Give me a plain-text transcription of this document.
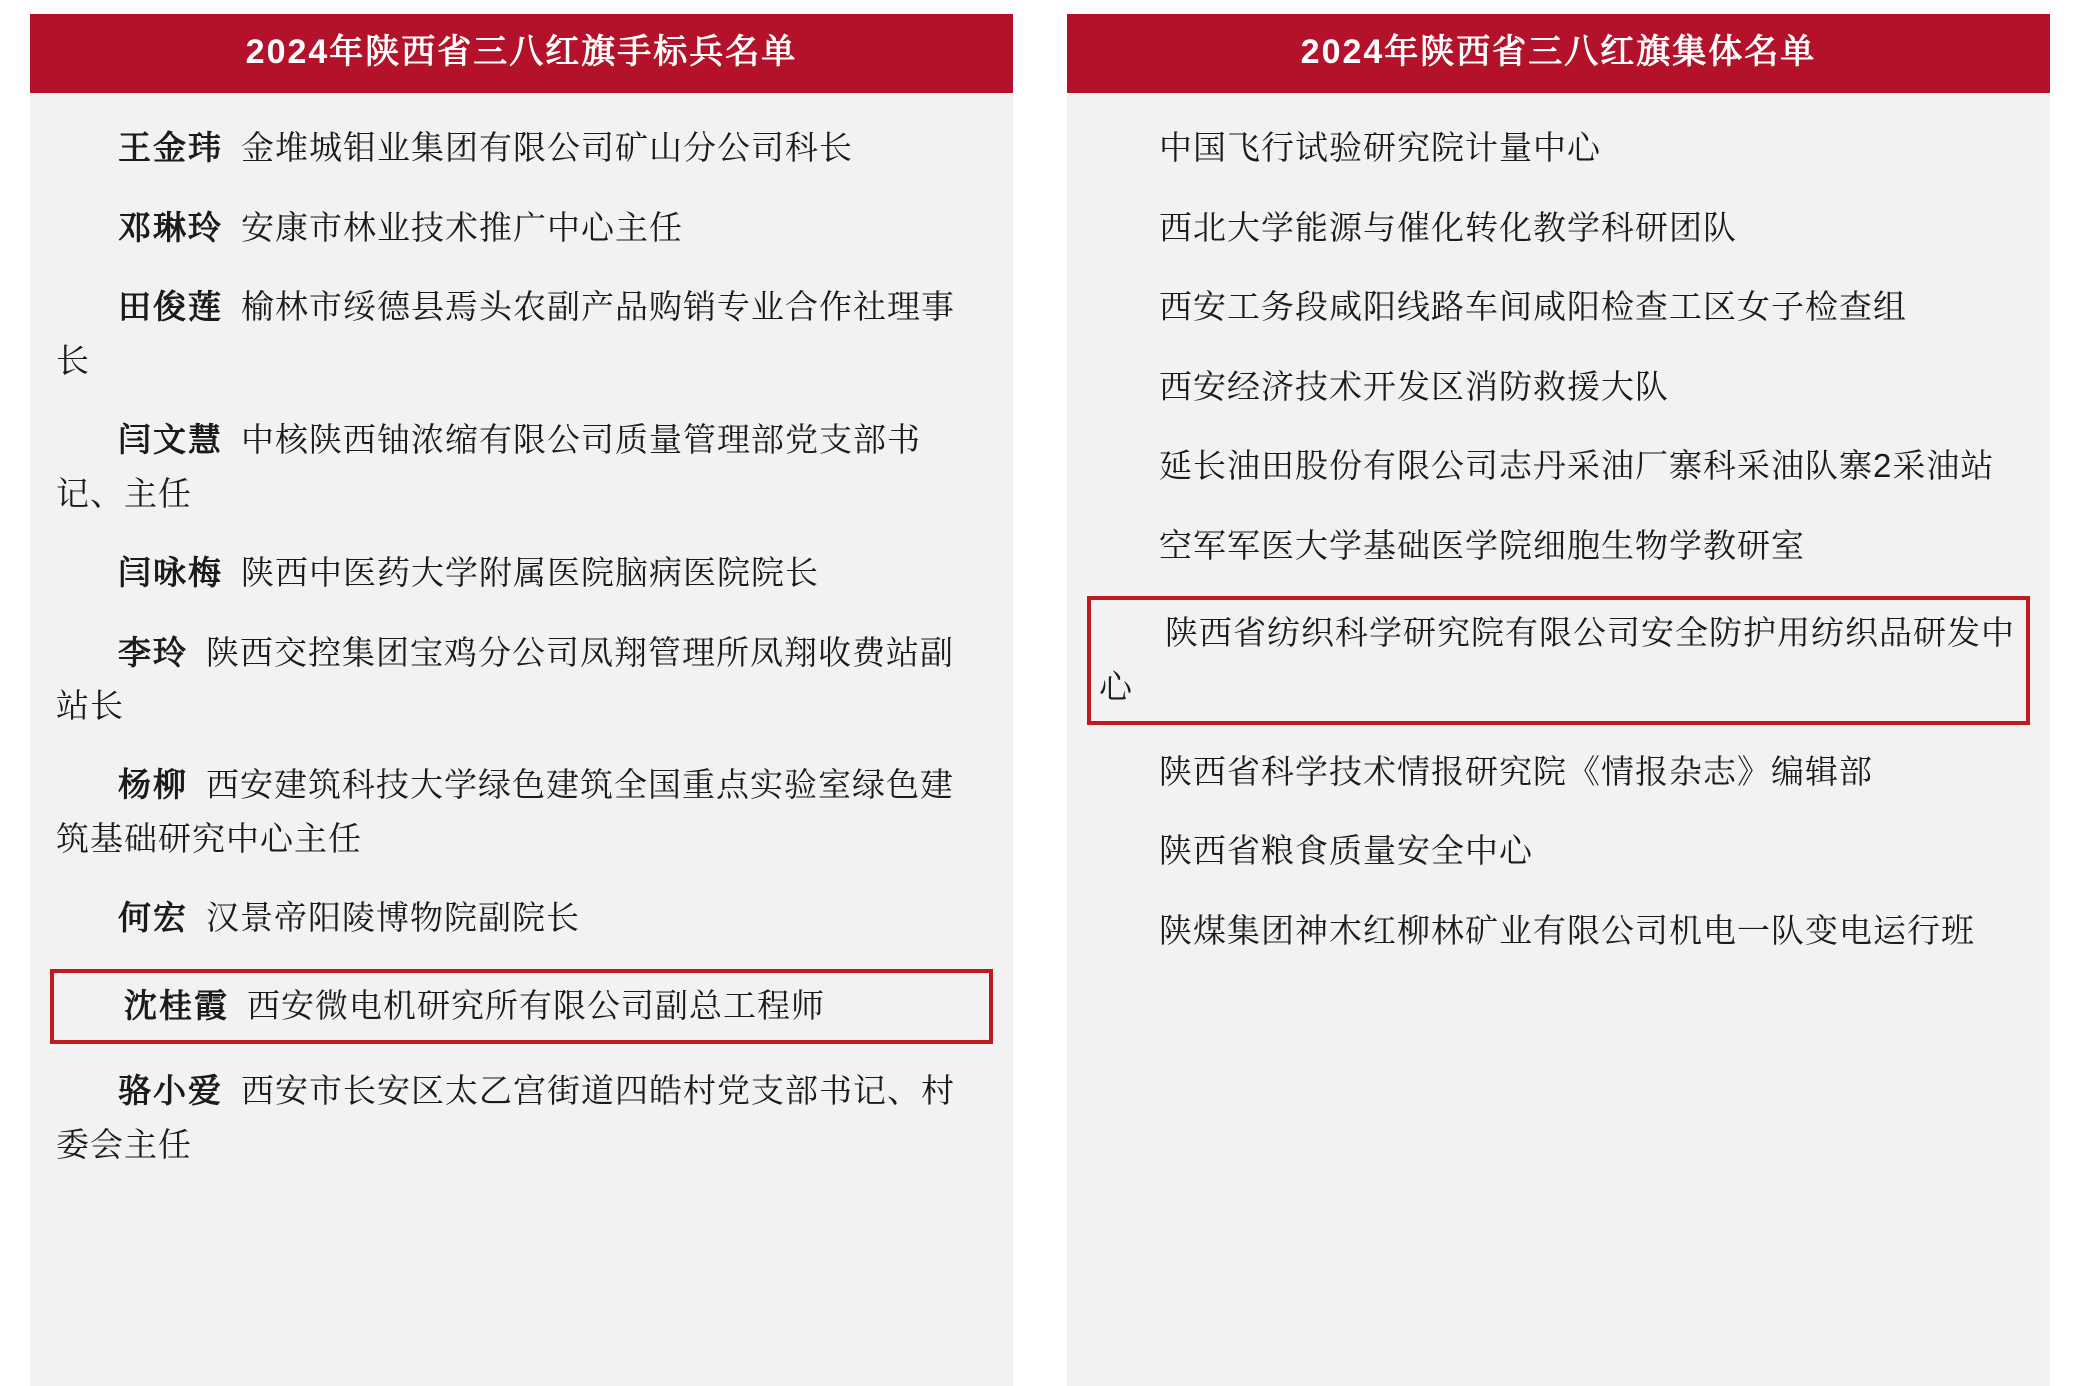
2024年陕西省三八红旗手标兵名单
王金玮 金堆城钼业集团有限公司矿山分公司科长
邓琳玲 安康市林业技术推广中心主任
田俊莲 榆林市绥德县焉头农副产品购销专业合作社理事长
闫文慧 中核陕西铀浓缩有限公司质量管理部党支部书记、主任
闫咏梅 陕西中医药大学附属医院脑病医院院长
李玲 陕西交控集团宝鸡分公司凤翔管理所凤翔收费站副站长
杨柳 西安建筑科技大学绿色建筑全国重点实验室绿色建筑基础研究中心主任
何宏 汉景帝阳陵博物院副院长
沈桂霞 西安微电机研究所有限公司副总工程师
骆小爱 西安市长安区太乙宫街道四皓村党支部书记、村委会主任
2024年陕西省三八红旗集体名单
中国飞行试验研究院计量中心
西北大学能源与催化转化教学科研团队
西安工务段咸阳线路车间咸阳检查工区女子检查组
西安经济技术开发区消防救援大队
延长油田股份有限公司志丹采油厂寨科采油队寨2采油站
空军军医大学基础医学院细胞生物学教研室
陕西省纺织科学研究院有限公司安全防护用纺织品研发中心
陕西省科学技术情报研究院《情报杂志》编辑部
陕西省粮食质量安全中心
陕煤集团神木红柳林矿业有限公司机电一队变电运行班
